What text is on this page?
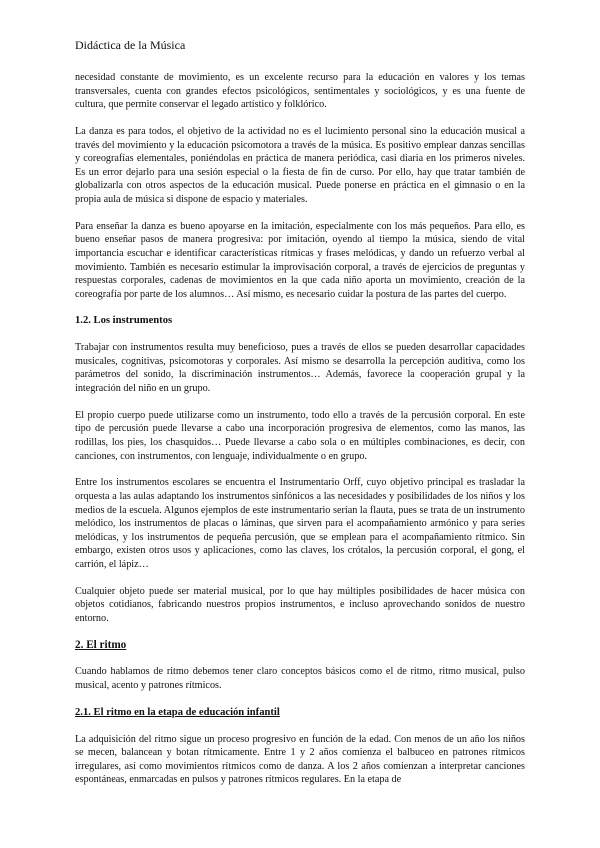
Didáctica de la Música

necesidad constante de movimiento, es un excelente recurso para la educación en valores y los temas transversales, cuenta con grandes efectos psicológicos, sentimentales y sociológicos, y es una fuente de cultura, que permite conservar el legado artístico y folklórico.

La danza es para todos, el objetivo de la actividad no es el lucimiento personal sino la educación musical a través del movimiento y la educación psicomotora a través de la música. Es positivo emplear danzas sencillas y coreografías elementales, poniéndolas en práctica de manera periódica, casi diaria en los primeros niveles. Es un error dejarlo para una sesión especial o la fiesta de fin de curso. Por ello, hay que tratar también de globalizarla con otros aspectos de la educación musical. Puede ponerse en práctica en el gimnasio o en la propia aula de música si dispone de espacio y materiales.

Para enseñar la danza es bueno apoyarse en la imitación, especialmente con los más pequeños. Para ello, es bueno enseñar pasos de manera progresiva: por imitación, oyendo al tiempo la música, siendo de vital importancia escuchar e identificar características rítmicas y frases melódicas, y dando un refuerzo verbal al movimiento. También es necesario estimular la improvisación corporal, a través de ejercicios de preguntas y respuestas corporales, cadenas de movimientos en la que cada niño aporta un movimiento, creación de la coreografía por parte de los alumnos… Así mismo, es necesario cuidar la postura de las partes del cuerpo.

1.2. Los instrumentos

Trabajar con instrumentos resulta muy beneficioso, pues a través de ellos se pueden desarrollar capacidades musicales, cognitivas, psicomotoras y corporales. Así mismo se desarrolla la percepción auditiva, como los parámetros del sonido, la discriminación instrumentos… Además, favorece la cooperación grupal y la integración del niño en un grupo.

El propio cuerpo puede utilizarse como un instrumento, todo ello a través de la percusión corporal. En este tipo de percusión puede llevarse a cabo una incorporación progresiva de elementos, como las manos, las rodillas, los pies, los chasquidos… Puede llevarse a cabo sola o en múltiples combinaciones, es decir, con canciones, con instrumentos, con lenguaje, individualmente o en grupo.

Entre los instrumentos escolares se encuentra el Instrumentario Orff, cuyo objetivo principal es trasladar la orquesta a las aulas adaptando los instrumentos sinfónicos a las necesidades y posibilidades de los niños y los medios de la escuela. Algunos ejemplos de este instrumentario serían la flauta, pues se trata de un instrumento melódico, los instrumentos de placas o láminas, que sirven para el acompañamiento armónico y para series melódicas, y los instrumentos de pequeña percusión, que se emplean para el acompañamiento rítmico. Sin embargo, existen otros usos y aplicaciones, como las claves, los crótalos, la percusión corporal, el gong, el carrión, el lápiz…

Cualquier objeto puede ser material musical, por lo que hay múltiples posibilidades de hacer música con objetos cotidianos, fabricando nuestros propios instrumentos, e incluso aprovechando sonidos de nuestro entorno.

2. El ritmo

Cuando hablamos de ritmo debemos tener claro conceptos básicos como el de ritmo, ritmo musical, pulso musical, acento y patrones rítmicos.

2.1. El ritmo en la etapa de educación infantil

La adquisición del ritmo sigue un proceso progresivo en función de la edad. Con menos de un año los niños se mecen, balancean y botan rítmicamente. Entre 1 y 2 años comienza el balbuceo en patrones rítmicos irregulares, así como movimientos rítmicos como de danza. A los 2 años comienzan a interpretar canciones espontáneas, enmarcadas en pulsos y patrones rítmicos regulares. En la etapa de
